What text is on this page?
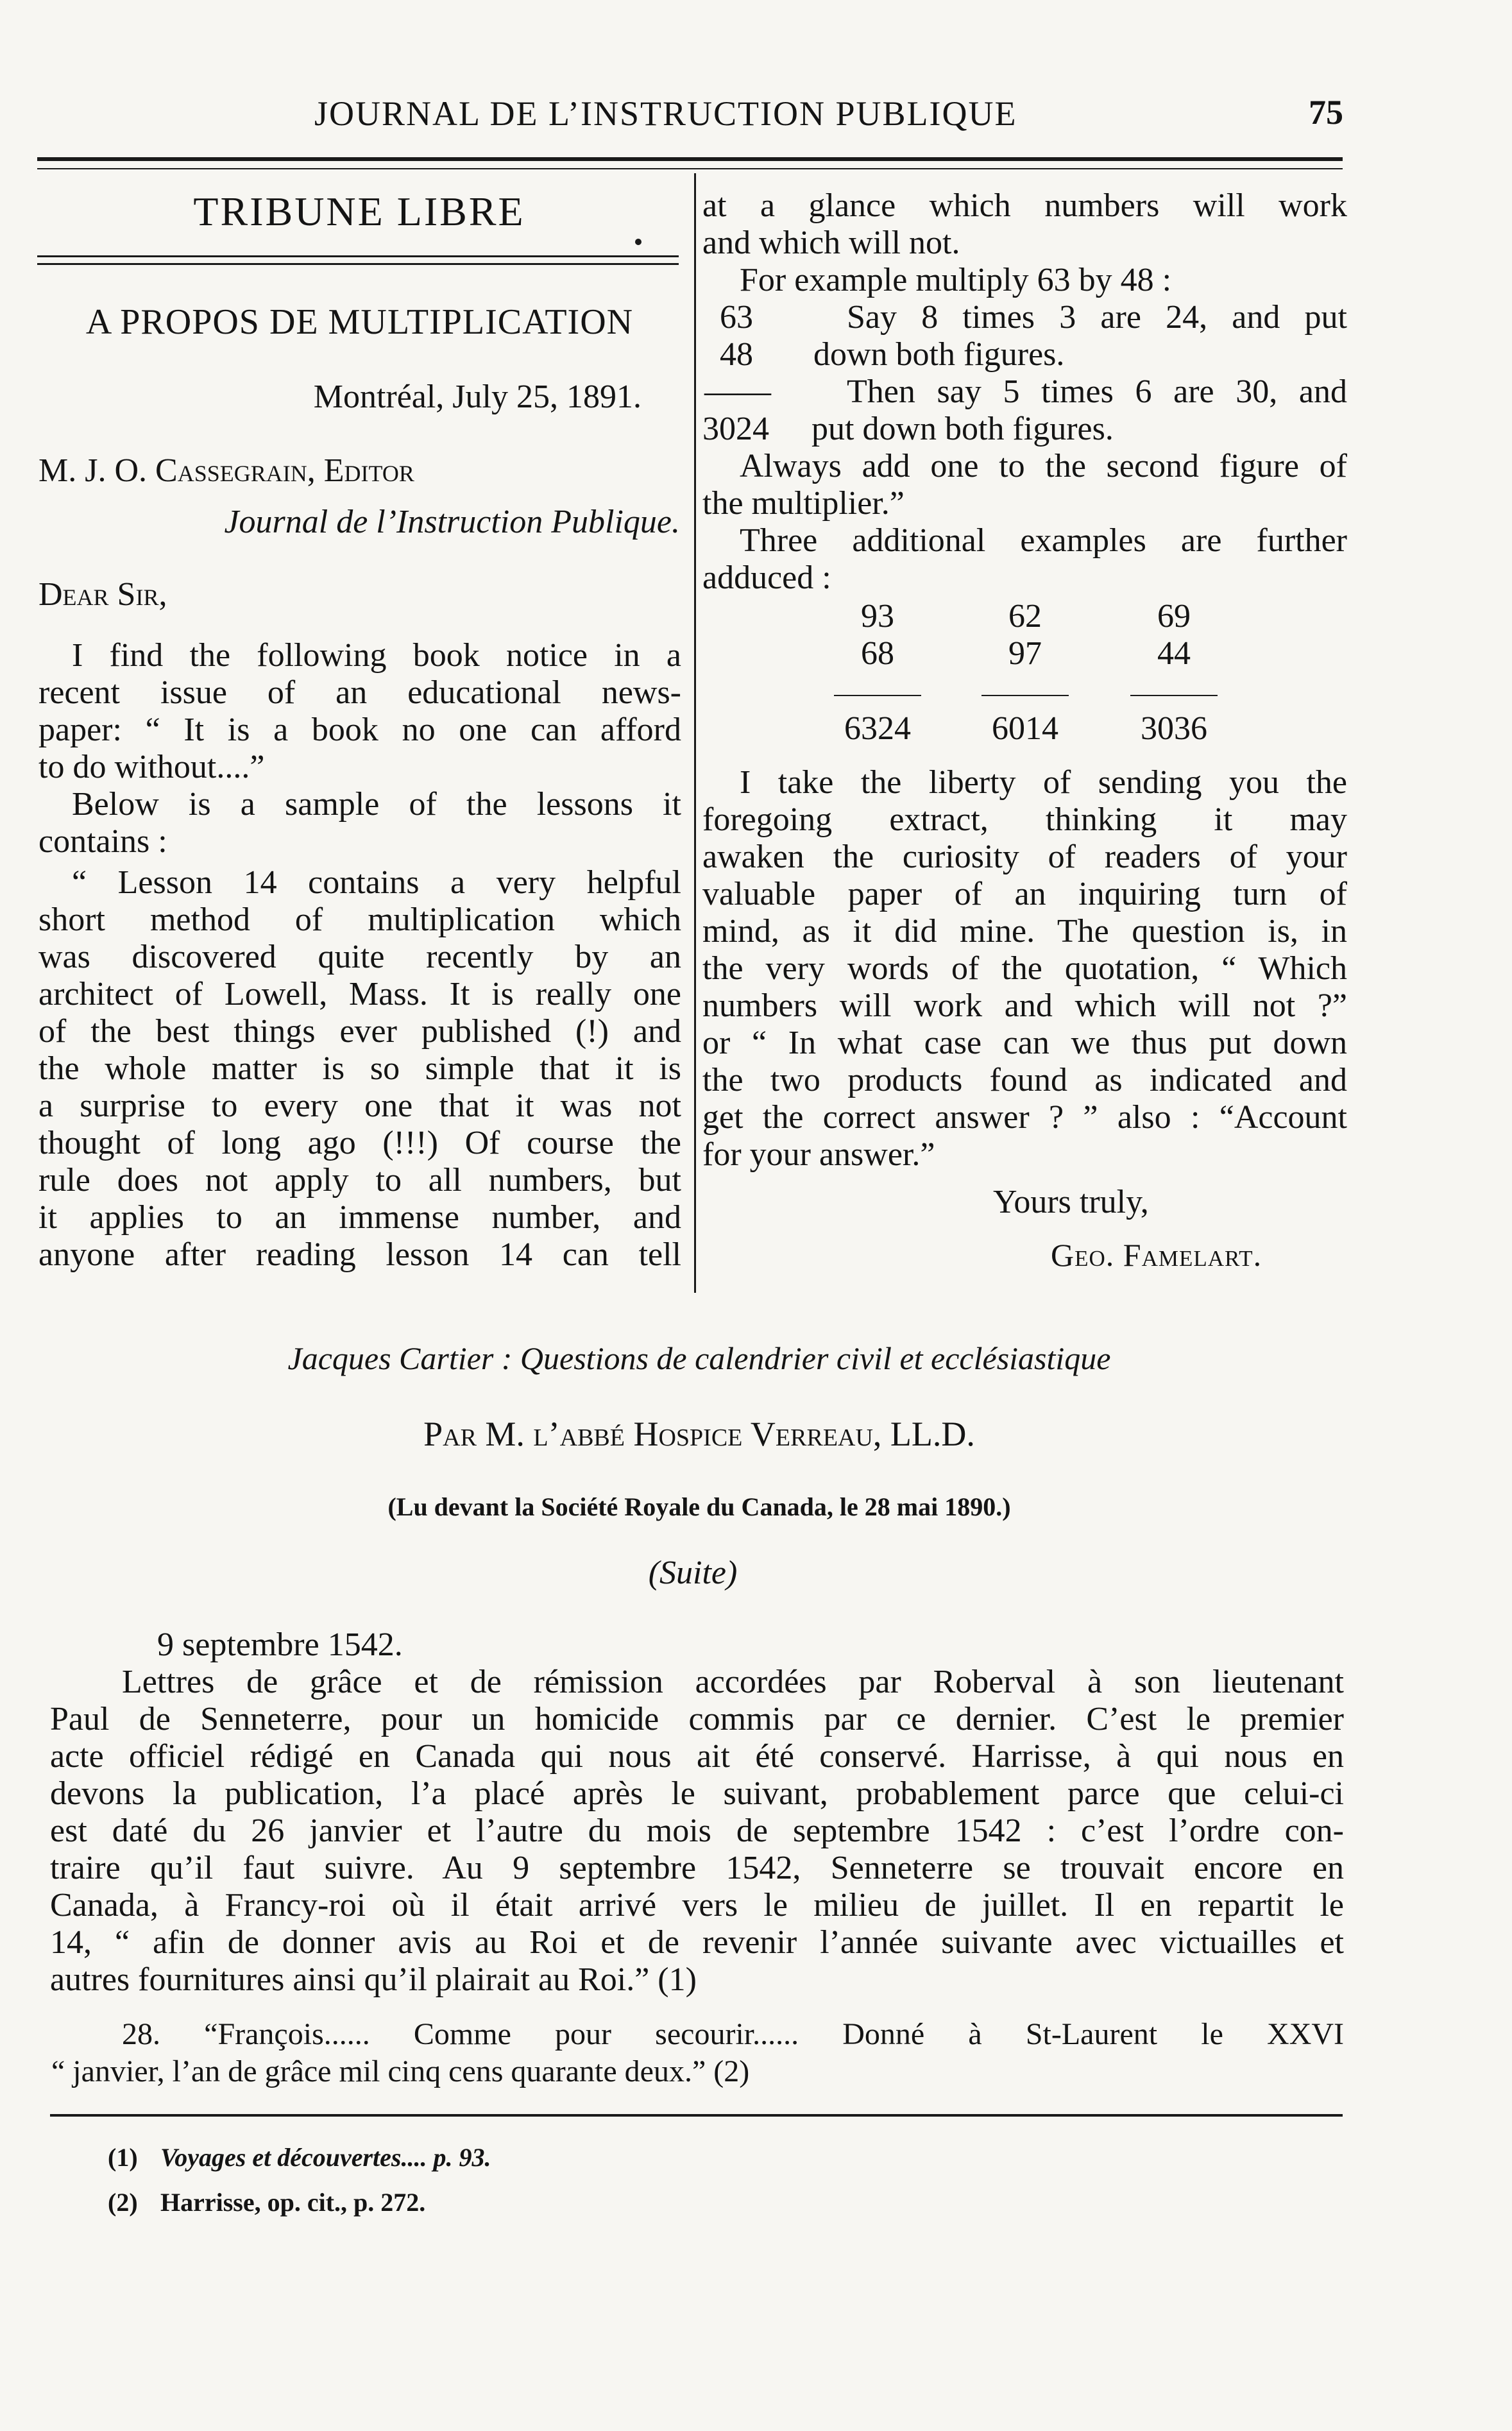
JOURNAL DE L’INSTRUCTION PUBLIQUE	75
TRIBUNE LIBRE
A PROPOS DE MULTIPLICATION
Montréal, July 25, 1891.
M. J. O. Cassegrain, Editor
Journal de l’Instruction Publique.
Dear Sir,
I find the following book notice in a
recent issue of an educational news-
paper: “ It is a book no one can afford
to do without....”
Below is a sample of the lessons it
contains :
“ Lesson 14 contains a very helpful
short method of multiplication which
was discovered quite recently by an
architect of Lowell, Mass. It is really one
of the best things ever published (!) and
the whole matter is so simple that it is
a surprise to every one that it was not
thought of long ago (!!!) Of course the
rule does not apply to all numbers, but
it applies to an immense number, and
anyone after reading lesson 14 can tell
at a glance which numbers will work
and which will not.
For example multiply 63 by 48 :
63	Say 8 times 3 are 24, and put
48 down both figures.
—— Then say 5 times 6 are 30, and
3024 put down both figures.
Always add one to the second figure of
the multiplier.”
Three additional examples are further
adduced :
93
68
6324
62
97
6014
69
44
3036
I take the liberty of sending you the
foregoing extract, thinking it may
awaken the curiosity of readers of your
valuable paper of an inquiring turn of
mind, as it did mine. The question is, in
the very words of the quotation, “ Which
numbers will work and which will not ?”
or “ In what case can we thus put down
the two products found as indicated and
get the correct answer ? ” also : “Account
for your answer.”
Yours truly,
Geo. Famelart.
Jacques Cartier : Questions de calendrier civil et ecclésiastique
Par M. l’abbé Hospice Verreau, LL.D.
(Lu devant la Société Royale du Canada, le 28 mai 1890.)
(Suite)
9 septembre 1542.
Lettres de grâce et de rémission accordées par Roberval à son lieutenant
Paul de Senneterre, pour un homicide commis par ce dernier. C’est le premier
acte officiel rédigé en Canada qui nous ait été conservé. Harrisse, à qui nous en
devons la publication, l’a placé après le suivant, probablement parce que celui-ci
est daté du 26 janvier et l’autre du mois de septembre 1542 : c’est l’ordre con-
traire qu’il faut suivre. Au 9 septembre 1542, Senneterre se trouvait encore en
Canada, à Francy-roi où il était arrivé vers le milieu de juillet. Il en repartit le
14, “ afin de donner avis au Roi et de revenir l’année suivante avec victuailles et
autres fournitures ainsi qu’il plairait au Roi.” (1)
28. “François...... Comme pour secourir...... Donné à St-Laurent le XXVI
“ janvier, l’an de grâce mil cinq cens quarante deux.” (2)
(1) Voyages et découvertes.... p. 93.
(2) Harrisse, op. cit., p. 272.
